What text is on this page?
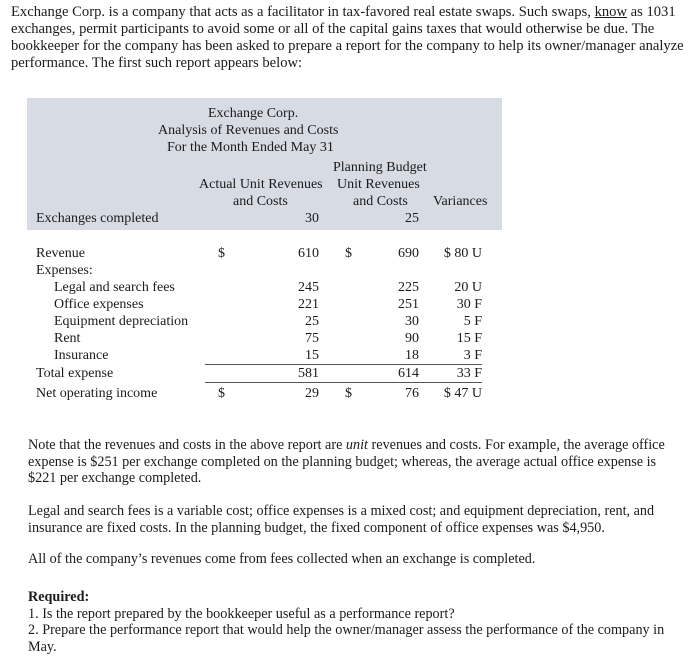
Exchange Corp. is a company that acts as a facilitator in tax-favored real estate swaps. Such swaps, know as 1031 exchanges, permit participants to avoid some or all of the capital gains taxes that would otherwise be due. The bookkeeper for the company has been asked to prepare a report for the company to help its owner/manager analyze performance. The first such report appears below:

Exchange Corp.
Analysis of Revenues and Costs
For the Month Ended May 31
Planning Budget
Actual Unit Revenues Unit Revenues
and Costs	and Costs Variances
Exchanges completed	30	25
Revenue	$	610 $	690	$ 80 U
Expenses:
Legal and search fees	245	225	20 U
Office expenses	221	251	30 F
Equipment depreciation	25	30	5 F
Rent	75	90	15 F
Insurance	15	18	3 F
Total expense	581	614	33 F
Net operating income	$	29 $	76	$ 47 U

Note that the revenues and costs in the above report are unit revenues and costs. For example, the average office expense is $251 per exchange completed on the planning budget; whereas, the average actual office expense is $221 per exchange completed.

Legal and search fees is a variable cost; office expenses is a mixed cost; and equipment depreciation, rent, and insurance are fixed costs. In the planning budget, the fixed component of office expenses was $4,950.

All of the company’s revenues come from fees collected when an exchange is completed.

Required:
1. Is the report prepared by the bookkeeper useful as a performance report?
2. Prepare the performance report that would help the owner/manager assess the performance of the company in May.
